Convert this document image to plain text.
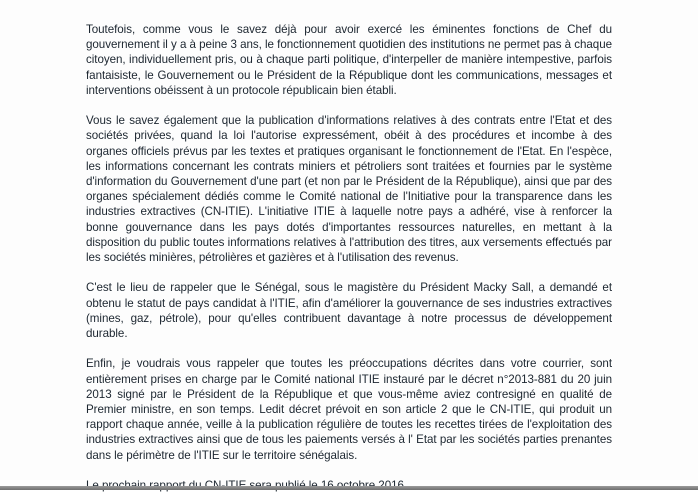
Toutefois, comme vous le savez déjà pour avoir exercé les éminentes fonctions de Chef du gouvernement il y a à peine 3 ans, le fonctionnement quotidien des institutions ne permet pas à chaque citoyen, individuellement pris, ou à chaque parti politique, d'interpeller de manière intempestive, parfois fantaisiste, le Gouvernement ou le Président de la République dont les communications, messages et interventions obéissent à un protocole républicain bien établi.

Vous le savez également que la publication d'informations relatives à des contrats entre l'Etat et des sociétés privées, quand la loi l'autorise expressément, obéit à des procédures et incombe à des organes officiels prévus par les textes et pratiques organisant le fonctionnement de l'Etat. En l'espèce, les informations concernant les contrats miniers et pétroliers sont traitées et fournies par le système d'information du Gouvernement d'une part (et non par le Président de la République), ainsi que par des organes spécialement dédiés comme le Comité national de l'Initiative pour la transparence dans les industries extractives (CN-ITIE). L'initiative ITIE à laquelle notre pays a adhéré, vise à renforcer la bonne gouvernance dans les pays dotés d'importantes ressources naturelles, en mettant à la disposition du public toutes informations relatives à l'attribution des titres, aux versements effectués par les sociétés minières, pétrolières et gazières et à l'utilisation des revenus.

C'est le lieu de rappeler que le Sénégal, sous le magistère du Président Macky Sall, a demandé et obtenu le statut de pays candidat à l'ITIE, afin d'améliorer la gouvernance de ses industries extractives (mines, gaz, pétrole), pour qu'elles contribuent davantage à notre processus de développement durable.

Enfin, je voudrais vous rappeler que toutes les préoccupations décrites dans votre courrier, sont entièrement prises en charge par le Comité national ITIE instauré par le décret n°2013-881 du 20 juin 2013 signé par le Président de la République et que vous-même aviez contresigné en qualité de Premier ministre, en son temps. Ledit décret prévoit en son article 2 que le CN-ITIE, qui produit un rapport chaque année, veille à la publication régulière de toutes les recettes tirées de l'exploitation des industries extractives ainsi que de tous les paiements versés à l' Etat par les sociétés parties prenantes dans le périmètre de l'ITIE sur le territoire sénégalais.
